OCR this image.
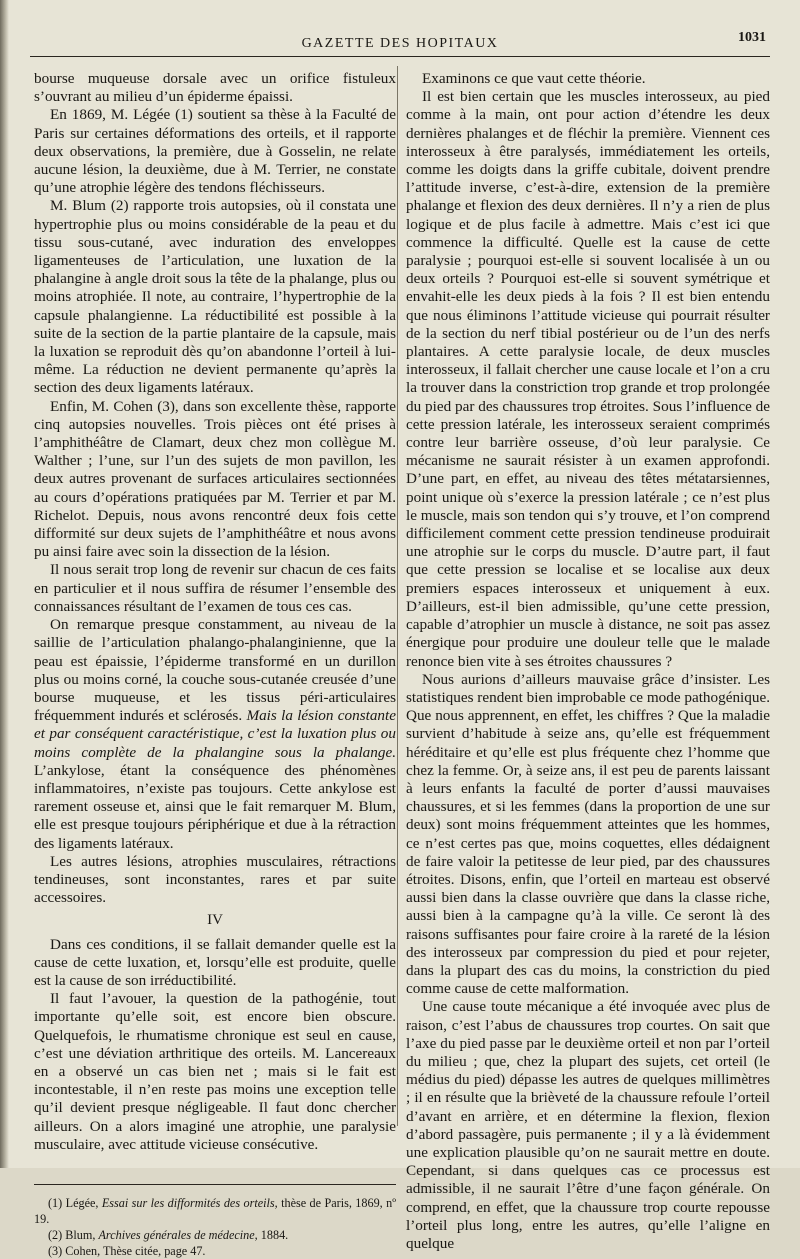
GAZETTE DES HOPITAUX	1031

bourse muqueuse dorsale avec un orifice fistuleux s’ouvrant au milieu d’un épiderme épaissi.

En 1869, M. Légée (1) soutient sa thèse à la Faculté de Paris sur certaines déformations des orteils, et il rapporte deux observations, la première, due à Gosselin, ne relate aucune lésion, la deuxième, due à M. Terrier, ne constate qu’une atrophie légère des tendons fléchisseurs.

M. Blum (2) rapporte trois autopsies, où il constata une hypertrophie plus ou moins considérable de la peau et du tissu sous-cutané, avec induration des enveloppes ligamenteuses de l’articulation, une luxation de la phalangine à angle droit sous la tête de la phalange, plus ou moins atrophiée. Il note, au contraire, l’hypertrophie de la capsule phalangienne. La réductibilité est possible à la suite de la section de la partie plantaire de la capsule, mais la luxation se reproduit dès qu’on abandonne l’orteil à lui-même. La réduction ne devient permanente qu’après la section des deux ligaments latéraux.

Enfin, M. Cohen (3), dans son excellente thèse, rapporte cinq autopsies nouvelles. Trois pièces ont été prises à l’amphithéâtre de Clamart, deux chez mon collègue M. Walther ; l’une, sur l’un des sujets de mon pavillon, les deux autres provenant de surfaces articulaires sectionnées au cours d’opérations pratiquées par M. Terrier et par M. Richelot. Depuis, nous avons rencontré deux fois cette difformité sur deux sujets de l’amphithéâtre et nous avons pu ainsi faire avec soin la dissection de la lésion.

Il nous serait trop long de revenir sur chacun de ces faits en particulier et il nous suffira de résumer l’ensemble des connaissances résultant de l’examen de tous ces cas.

On remarque presque constamment, au niveau de la saillie de l’articulation phalango-phalanginienne, que la peau est épaissie, l’épiderme transformé en un durillon plus ou moins corné, la couche sous-cutanée creusée d’une bourse muqueuse, et les tissus péri-articulaires fréquemment indurés et sclérosés. Mais la lésion constante et par conséquent caractéristique, c’est la luxation plus ou moins complète de la phalangine sous la phalange. L’ankylose, étant la conséquence des phénomènes inflammatoires, n’existe pas toujours. Cette ankylose est rarement osseuse et, ainsi que le fait remarquer M. Blum, elle est presque toujours périphérique et due à la rétraction des ligaments latéraux.

Les autres lésions, atrophies musculaires, rétractions tendineuses, sont inconstantes, rares et par suite accessoires.

IV

Dans ces conditions, il se fallait demander quelle est la cause de cette luxation, et, lorsqu’elle est produite, quelle est la cause de son irréductibilité.

Il faut l’avouer, la question de la pathogénie, tout importante qu’elle soit, est encore bien obscure. Quelquefois, le rhumatisme chronique est seul en cause, c’est une déviation arthritique des orteils. M. Lancereaux en a observé un cas bien net ; mais si le fait est incontestable, il n’en reste pas moins une exception telle qu’il devient presque négligeable. Il faut donc chercher ailleurs. On a alors imaginé une atrophie, une paralysie musculaire, avec attitude vicieuse consécutive.

(1) Légée, Essai sur les difformités des orteils, thèse de Paris, 1869, nº 19.

(2) Blum, Archives générales de médecine, 1884.

(3) Cohen, Thèse citée, page 47.

Examinons ce que vaut cette théorie.

Il est bien certain que les muscles interosseux, au pied comme à la main, ont pour action d’étendre les deux dernières phalanges et de fléchir la première. Viennent ces interosseux à être paralysés, immédiatement les orteils, comme les doigts dans la griffe cubitale, doivent prendre l’attitude inverse, c’est-à-dire, extension de la première phalange et flexion des deux dernières. Il n’y a rien de plus logique et de plus facile à admettre. Mais c’est ici que commence la difficulté. Quelle est la cause de cette paralysie ; pourquoi est-elle si souvent localisée à un ou deux orteils ? Pourquoi est-elle si souvent symétrique et envahit-elle les deux pieds à la fois ? Il est bien entendu que nous éliminons l’attitude vicieuse qui pourrait résulter de la section du nerf tibial postérieur ou de l’un des nerfs plantaires. A cette paralysie locale, de deux muscles interosseux, il fallait chercher une cause locale et l’on a cru la trouver dans la constriction trop grande et trop prolongée du pied par des chaussures trop étroites. Sous l’influence de cette pression latérale, les interosseux seraient comprimés contre leur barrière osseuse, d’où leur paralysie. Ce mécanisme ne saurait résister à un examen approfondi. D’une part, en effet, au niveau des têtes métatarsiennes, point unique où s’exerce la pression latérale ; ce n’est plus le muscle, mais son tendon qui s’y trouve, et l’on comprend difficilement comment cette pression tendineuse produirait une atrophie sur le corps du muscle. D’autre part, il faut que cette pression se localise et se localise aux deux premiers espaces interosseux et uniquement à eux. D’ailleurs, est-il bien admissible, qu’une cette pression, capable d’atrophier un muscle à distance, ne soit pas assez énergique pour produire une douleur telle que le malade renonce bien vite à ses étroites chaussures ?

Nous aurions d’ailleurs mauvaise grâce d’insister. Les statistiques rendent bien improbable ce mode pathogénique. Que nous apprennent, en effet, les chiffres ? Que la maladie survient d’habitude à seize ans, qu’elle est fréquemment héréditaire et qu’elle est plus fréquente chez l’homme que chez la femme. Or, à seize ans, il est peu de parents laissant à leurs enfants la faculté de porter d’aussi mauvaises chaussures, et si les femmes (dans la proportion de une sur deux) sont moins fréquemment atteintes que les hommes, ce n’est certes pas que, moins coquettes, elles dédaignent de faire valoir la petitesse de leur pied, par des chaussures étroites. Disons, enfin, que l’orteil en marteau est observé aussi bien dans la classe ouvrière que dans la classe riche, aussi bien à la campagne qu’à la ville. Ce seront là des raisons suffisantes pour faire croire à la rareté de la lésion des interosseux par compression du pied et pour rejeter, dans la plupart des cas du moins, la constriction du pied comme cause de cette malformation.

Une cause toute mécanique a été invoquée avec plus de raison, c’est l’abus de chaussures trop courtes. On sait que l’axe du pied passe par le deuxième orteil et non par l’orteil du milieu ; que, chez la plupart des sujets, cet orteil (le médius du pied) dépasse les autres de quelques millimètres ; il en résulte que la brièveté de la chaussure refoule l’orteil d’avant en arrière, et en détermine la flexion, flexion d’abord passagère, puis permanente ; il y a là évidemment une explication plausible qu’on ne saurait mettre en doute. Cependant, si dans quelques cas ce processus est admissible, il ne saurait l’être d’une façon générale. On comprend, en effet, que la chaussure trop courte repousse l’orteil plus long, entre les autres, qu’elle l’aligne en quelque
